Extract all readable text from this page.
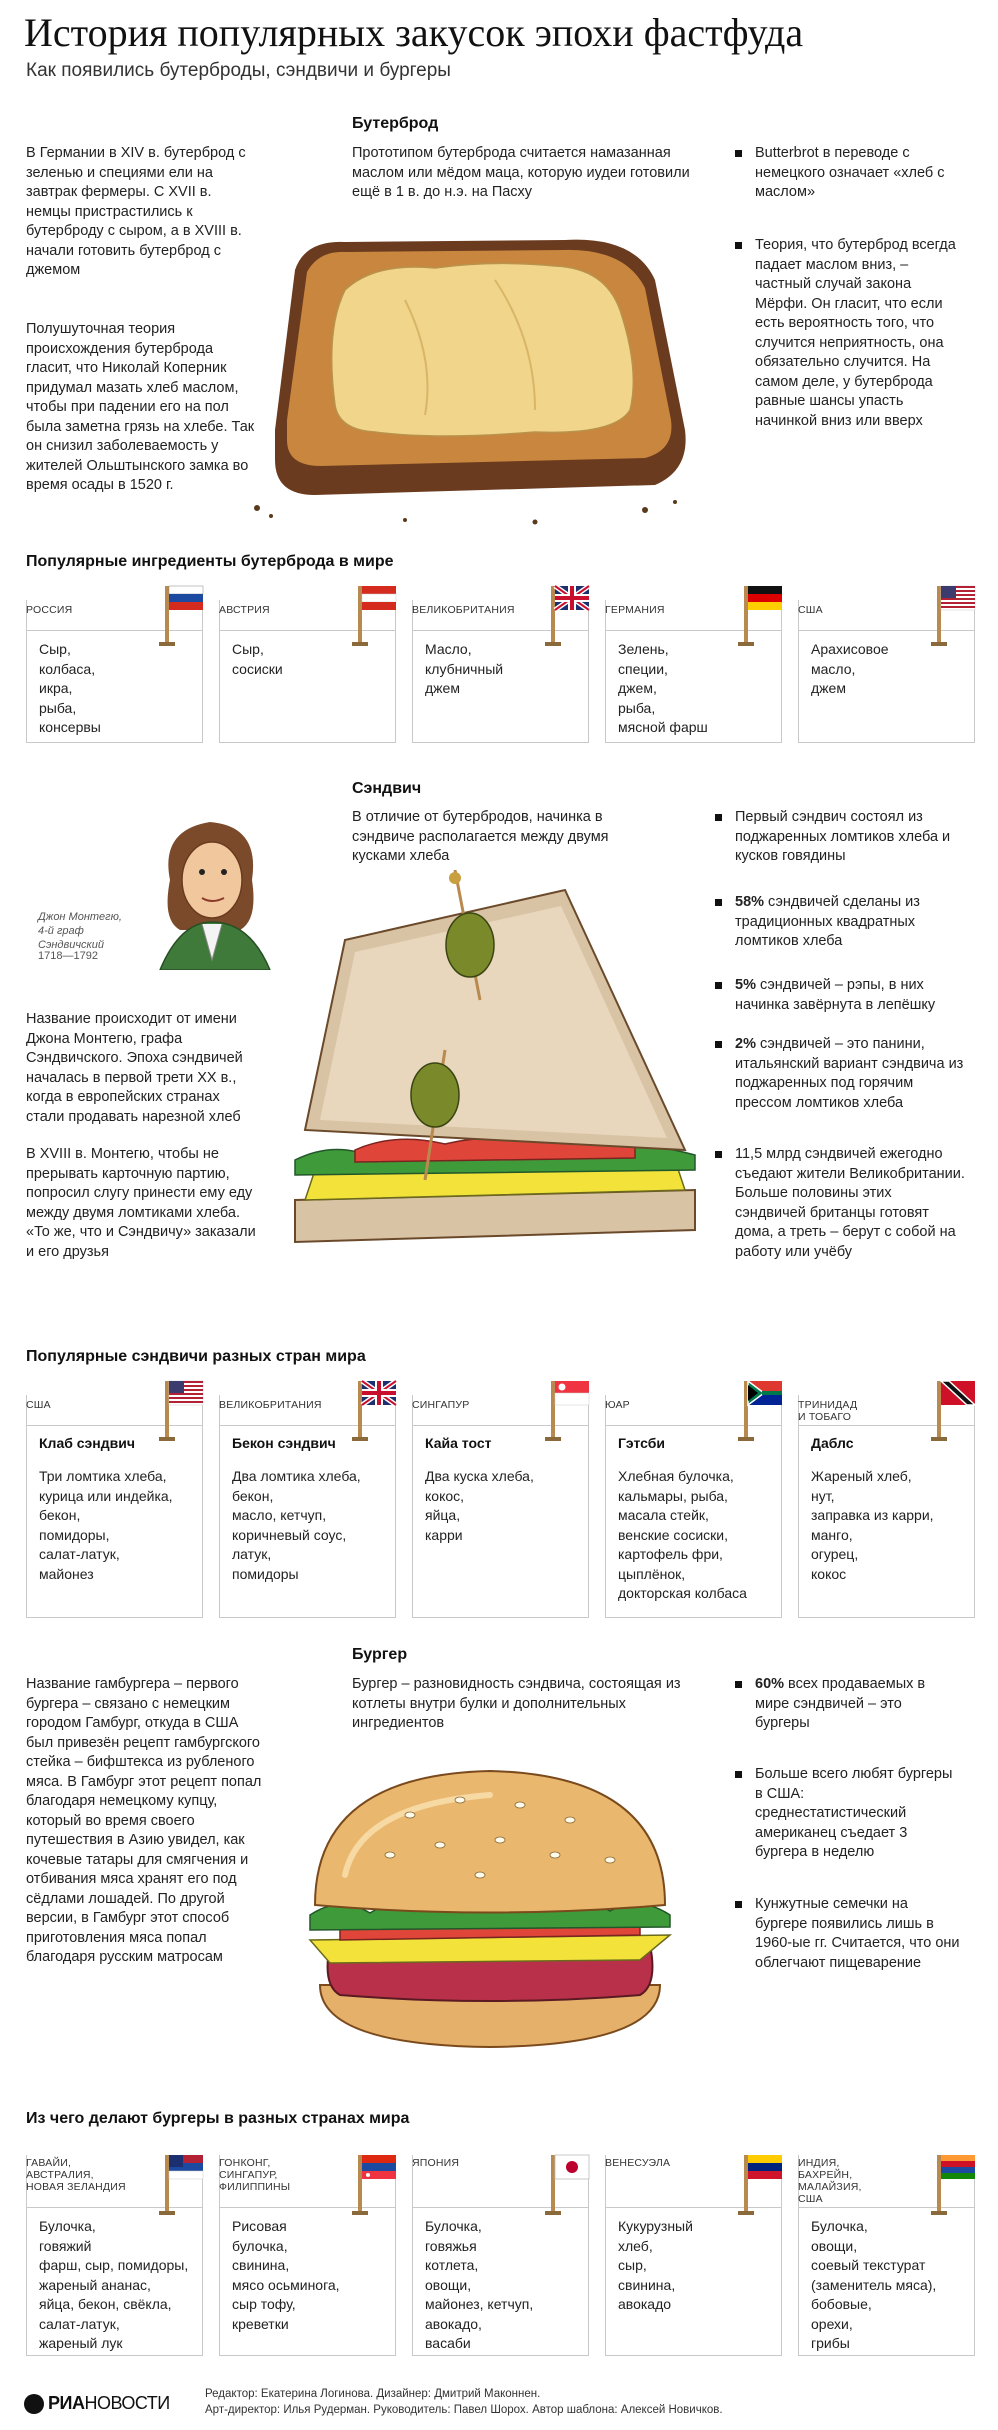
История популярных закусок эпохи фастфуда
Как появились бутерброды, сэндвичи и бургеры
Бутерброд
В Германии в XIV в. бутерброд с зеленью и специями ели на завтрак фермеры. С XVII в. немцы пристрастились к бутерброду с сыром, а в XVIII в. начали готовить бутерброд с джемом
Полушуточная теория происхождения бутерброда гласит, что Николай Коперник придумал мазать хлеб маслом, чтобы при падении его на пол была заметна грязь на хлебе. Так он снизил заболеваемость у жителей Ольштынского замка во время осады в 1520 г.
Прототипом бутерброда считается намазанная маслом или мёдом маца, которую иудеи готовили ещё в 1 в. до н.э. на Пасху
Butterbrot в переводе с немецкого означает «хлеб с маслом»
Теория, что бутерброд всегда падает маслом вниз, – частный случай закона Мёрфи. Он гласит, что если есть вероятность того, что случится неприятность, она обязательно случится. На самом деле, у бутерброда равные шансы упасть начинкой вниз или вверх
Популярные ингредиенты бутерброда в мире
РОССИЯ
Сыр,
колбаса,
икра,
рыба,
консервы
АВСТРИЯ
Сыр,
сосиски
ВЕЛИКОБРИТАНИЯ
Масло,
клубничный
джем
ГЕРМАНИЯ
Зелень,
специи,
джем,
рыба,
мясной фарш
США
Арахисовое
масло,
джем
Сэндвич
В отличие от бутербродов, начинка в сэндвиче располагается между двумя кусками хлеба
Джон Монтегю,
4-й граф
Сэндвичский
1718—1792
Название происходит от имени Джона Монтегю, графа Сэндвичского. Эпоха сэндвичей началась в первой трети XX в., когда в европейских странах стали продавать нарезной хлеб
В XVIII в. Монтегю, чтобы не прерывать карточную партию, попросил слугу принести ему еду между двумя ломтиками хлеба. «То же, что и Сэндвичу» заказали и его друзья
Первый сэндвич состоял из поджаренных ломтиков хлеба и кусков говядины
58% сэндвичей сделаны из традиционных квадратных ломтиков хлеба
5% сэндвичей – рэпы, в них начинка завёрнута в лепёшку
2% сэндвичей – это панини, итальянский вариант сэндвича из поджаренных под горячим прессом ломтиков хлеба
11,5 млрд сэндвичей ежегодно съедают жители Великобритании. Больше половины этих сэндвичей британцы готовят дома, а треть – берут с собой на работу или учёбу
Популярные сэндвичи разных стран мира
США
Клаб сэндвич
Три ломтика хлеба,
курица или индейка,
бекон,
помидоры,
салат-латук,
майонез
ВЕЛИКОБРИТАНИЯ
Бекон сэндвич
Два ломтика хлеба,
бекон,
масло, кетчуп,
коричневый соус,
латук,
помидоры
СИНГАПУР
Кайа тост
Два куска хлеба,
кокос,
яйца,
карри
ЮАР
Гэтсби
Хлебная булочка,
кальмары, рыба,
масала стейк,
венские сосиски,
картофель фри,
цыплёнок,
докторская колбаса
ТРИНИДАД
И ТОБАГО
Даблс
Жареный хлеб,
нут,
заправка из карри,
манго,
огурец,
кокос
Бургер
Бургер – разновидность сэндвича, состоящая из котлеты внутри булки и дополнительных ингредиентов
Название гамбургера – первого бургера – связано с немецким городом Гамбург, откуда в США был привезён рецепт гамбургского стейка – бифштекса из рубленого мяса. В Гамбург этот рецепт попал благодаря немецкому купцу, который во время своего путешествия в Азию увидел, как кочевые татары для смягчения и отбивания мяса хранят его под сёдлами лошадей. По другой версии, в Гамбург этот способ приготовления мяса попал благодаря русским матросам
60% всех продаваемых в мире сэндвичей – это бургеры
Больше всего любят бургеры в США: среднестатистический американец съедает 3 бургера в неделю
Кунжутные семечки на бургере появились лишь в 1960-ые гг. Считается, что они облегчают пищеварение
Из чего делают бургеры в разных странах мира
ГАВАЙИ,
АВСТРАЛИЯ,
НОВАЯ ЗЕЛАНДИЯ
Булочка,
говяжий
фарш, сыр, помидоры,
жареный ананас,
яйца, бекон, свёкла,
салат-латук,
жареный лук
ГОНКОНГ,
СИНГАПУР,
ФИЛИППИНЫ
Рисовая
булочка,
свинина,
мясо осьминога,
сыр тофу,
креветки
ЯПОНИЯ
Булочка,
говяжья
котлета,
овощи,
майонез, кетчуп,
авокадо,
васаби
ВЕНЕСУЭЛА
Кукурузный
хлеб,
сыр,
свинина,
авокадо
ИНДИЯ,
БАХРЕЙН,
МАЛАЙЗИЯ,
США
Булочка,
овощи,
соевый текстурат
(заменитель мяса),
бобовые,
орехи,
грибы
РИАНОВОСТИ	Редактор: Екатерина Логинова. Дизайнер: Дмитрий Маконнен.
Арт-директор: Илья Рудерман. Руководитель: Павел Шорох. Автор шаблона: Алексей Новичков.
